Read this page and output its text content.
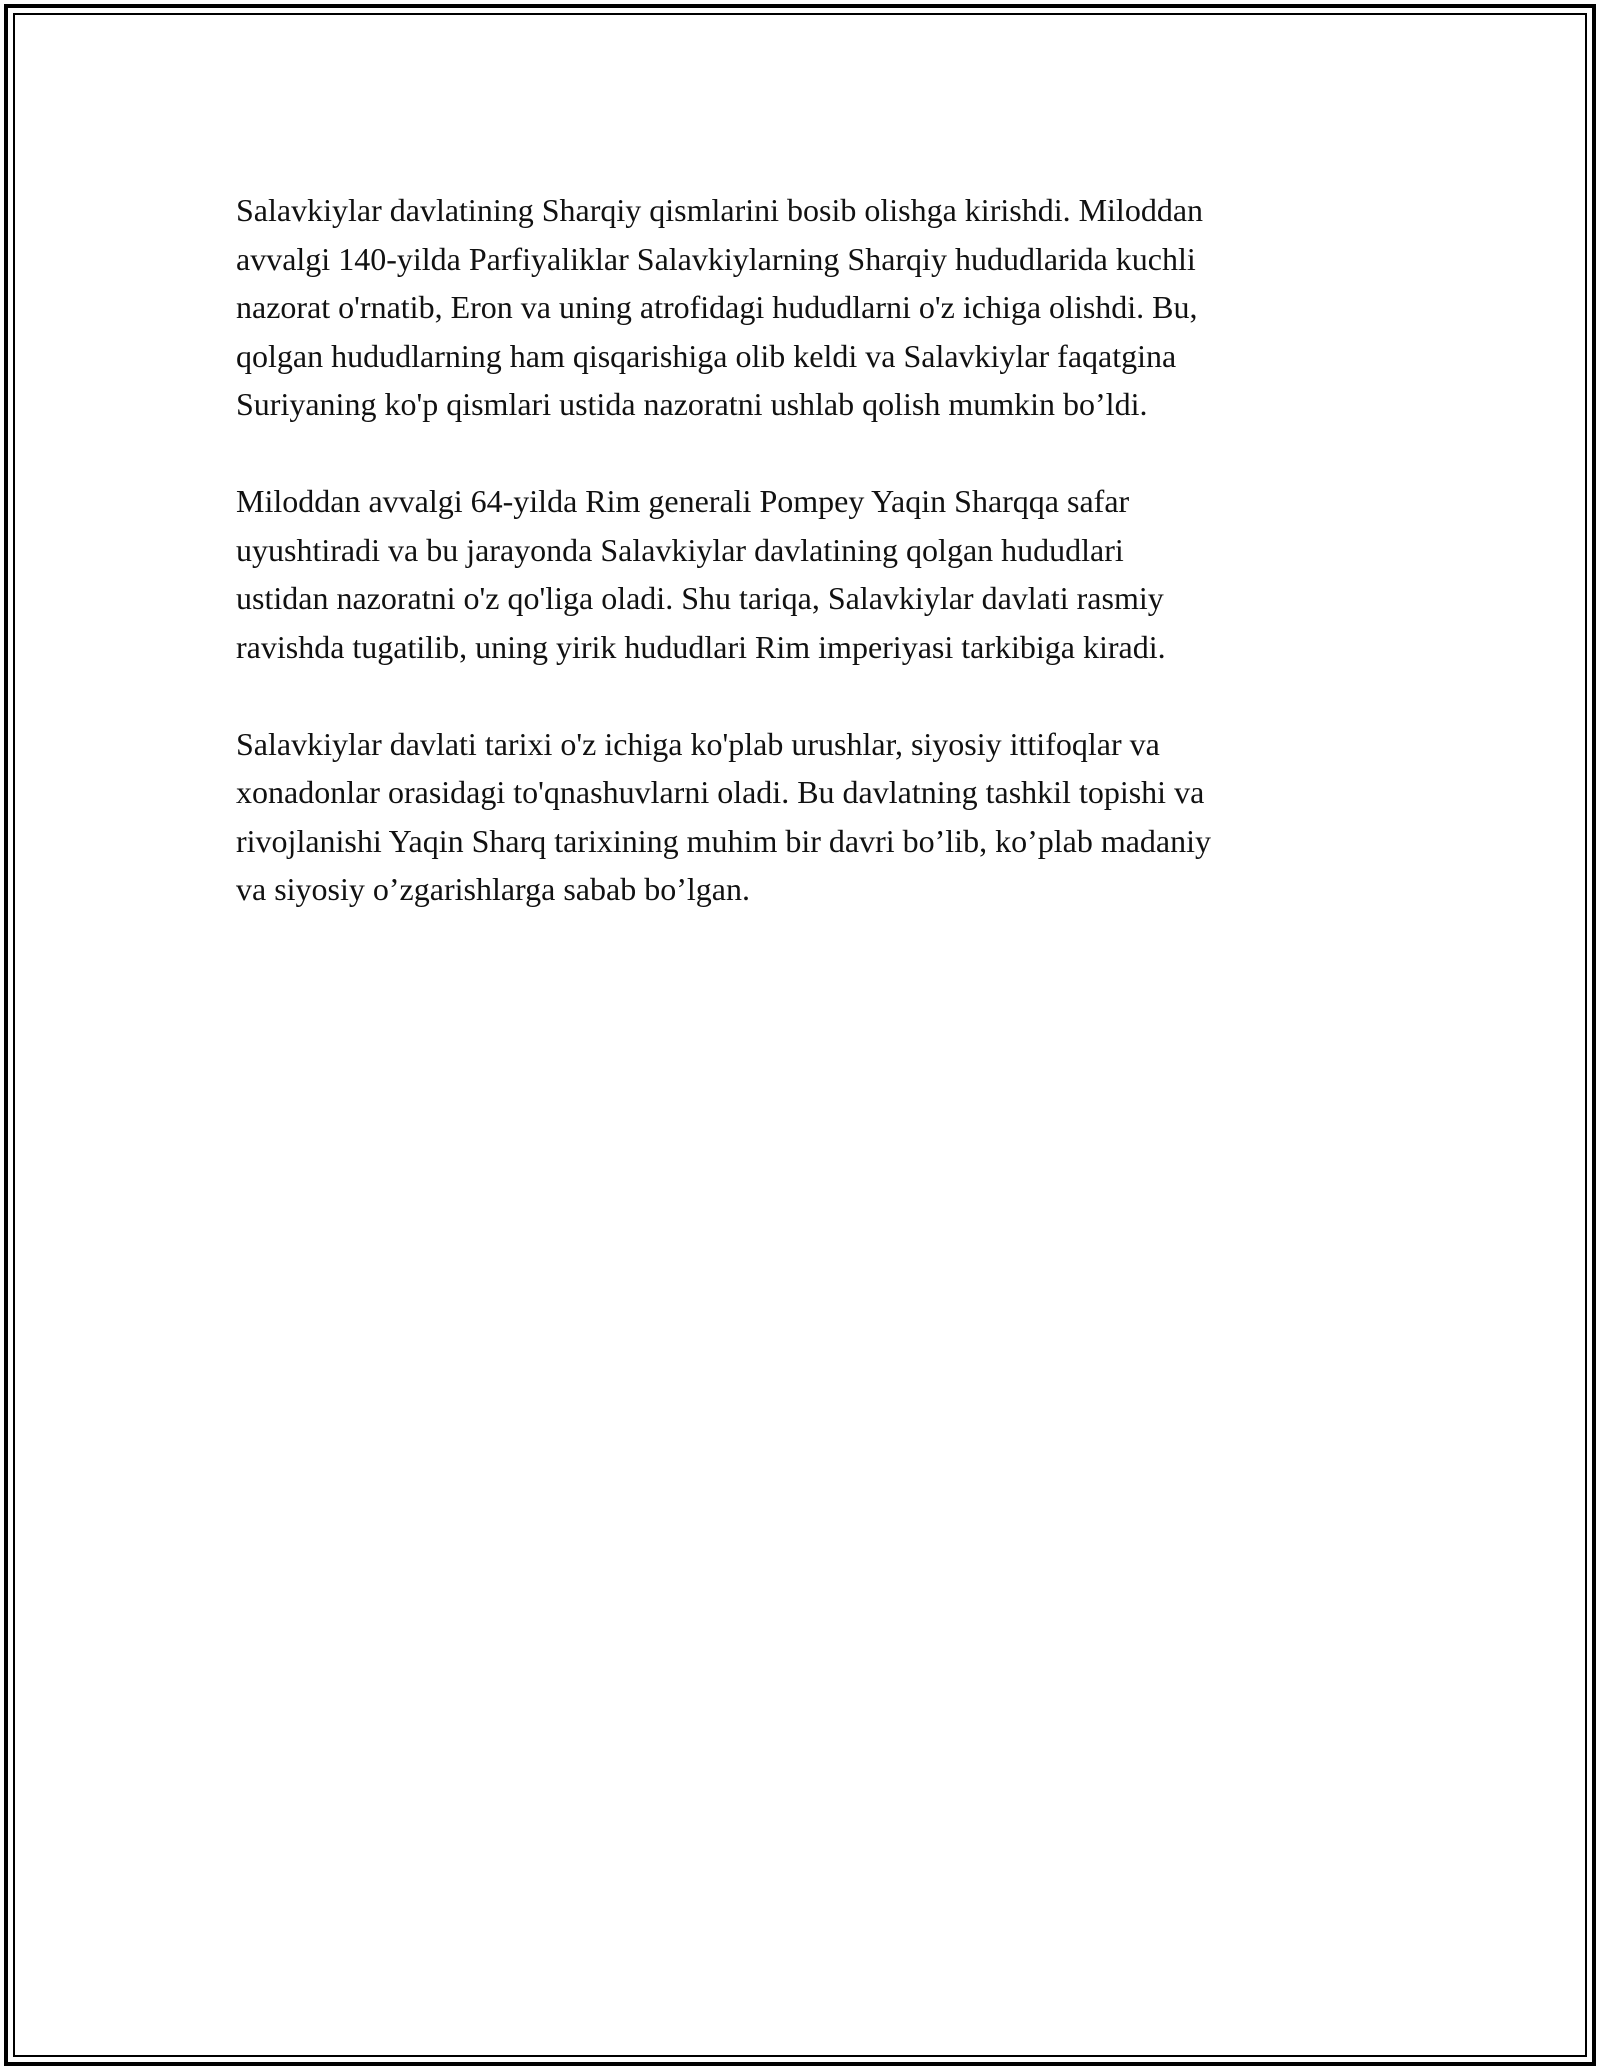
Salavkiylar davlatining Sharqiy qismlarini bosib olishga kirishdi. Miloddan
avvalgi 140-yilda Parfiyaliklar Salavkiylarning Sharqiy hududlarida kuchli
nazorat o'rnatib, Eron va uning atrofidagi hududlarni o'z ichiga olishdi. Bu,
qolgan hududlarning ham qisqarishiga olib keldi va Salavkiylar faqatgina
Suriyaning ko'p qismlari ustida nazoratni ushlab qolish mumkin bo’ldi.

Miloddan avvalgi 64-yilda Rim generali Pompey Yaqin Sharqqa safar
uyushtiradi va bu jarayonda Salavkiylar davlatining qolgan hududlari
ustidan nazoratni o'z qo'liga oladi. Shu tariqa, Salavkiylar davlati rasmiy
ravishda tugatilib, uning yirik hududlari Rim imperiyasi tarkibiga kiradi.

Salavkiylar davlati tarixi o'z ichiga ko'plab urushlar, siyosiy ittifoqlar va
xonadonlar orasidagi to'qnashuvlarni oladi. Bu davlatning tashkil topishi va
rivojlanishi Yaqin Sharq tarixining muhim bir davri bo’lib, ko’plab madaniy
va siyosiy o’zgarishlarga sabab bo’lgan.
